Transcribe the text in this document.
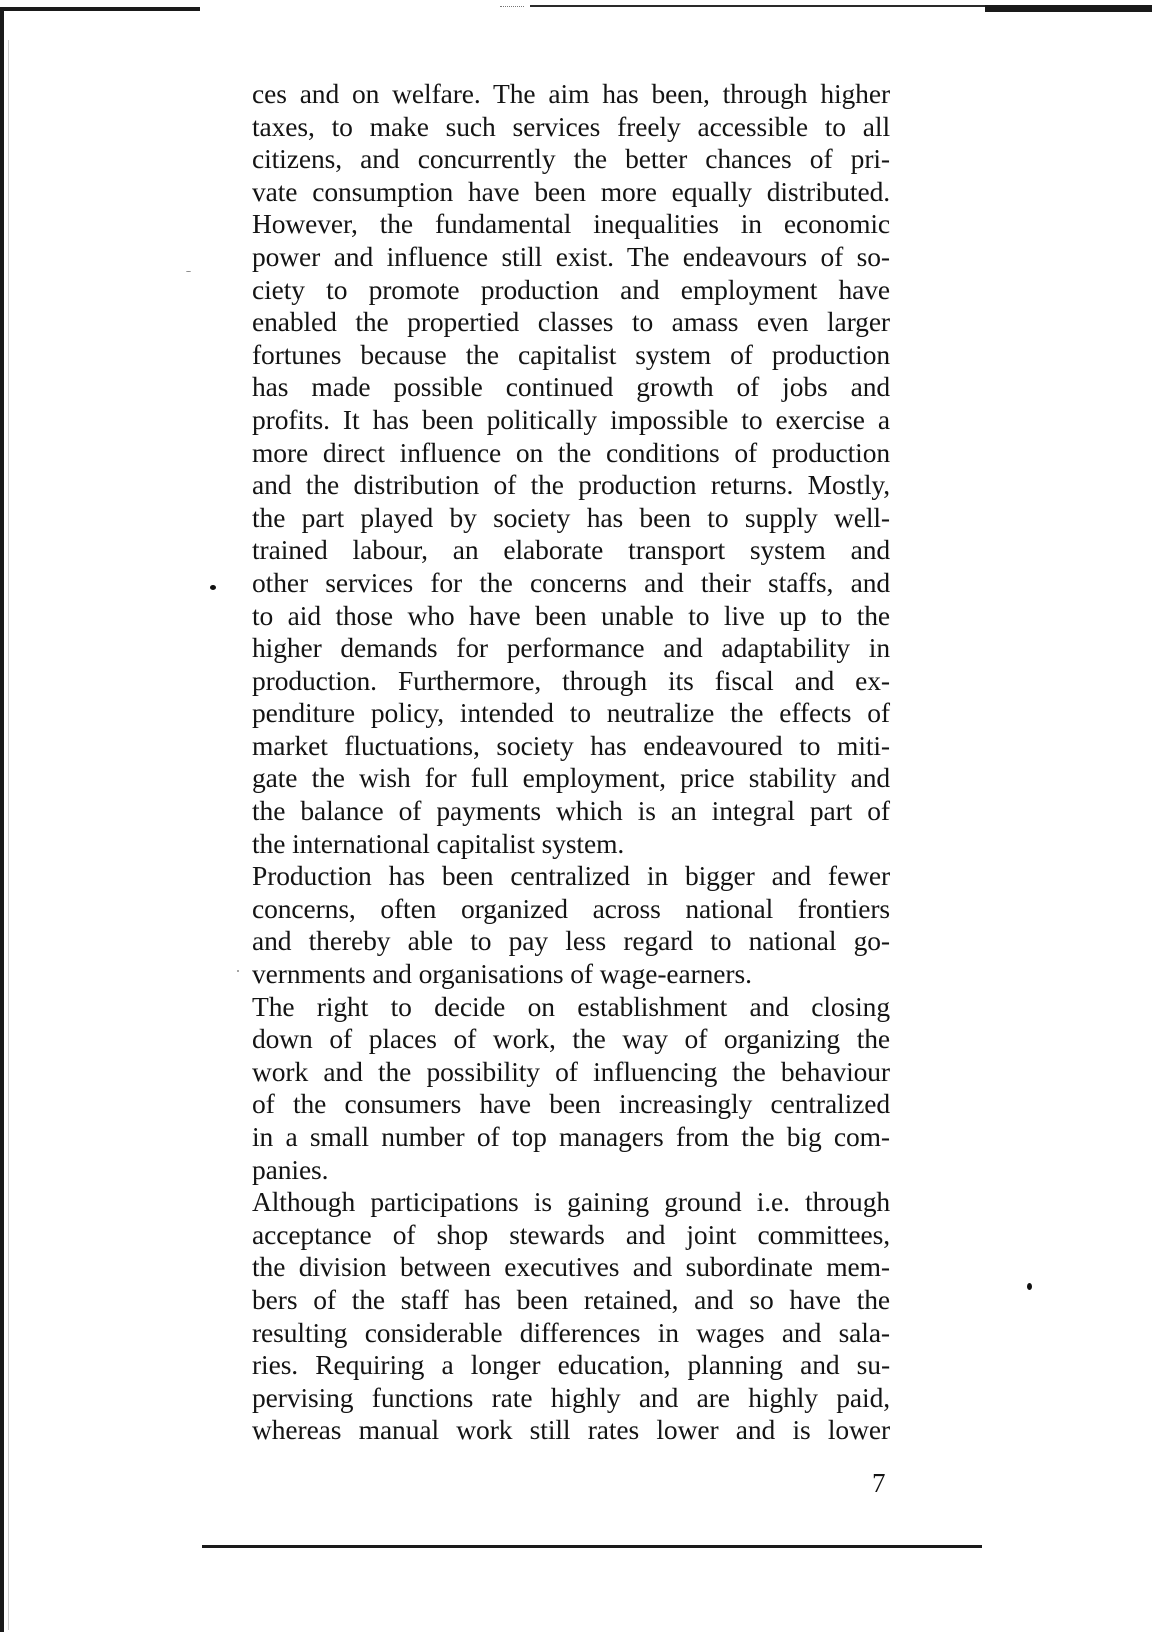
ces and on welfare. The aim has been, through higher
taxes, to make such services freely accessible to all
citizens, and concurrently the better chances of pri-
vate consumption have been more equally distributed.
However, the fundamental inequalities in economic
power and influence still exist. The endeavours of so-
ciety to promote production and employment have
enabled the propertied classes to amass even larger
fortunes because the capitalist system of production
has made possible continued growth of jobs and
profits. It has been politically impossible to exercise a
more direct influence on the conditions of production
and the distribution of the production returns. Mostly,
the part played by society has been to supply well-
trained labour, an elaborate transport system and
other services for the concerns and their staffs, and
to aid those who have been unable to live up to the
higher demands for performance and adaptability in
production. Furthermore, through its fiscal and ex-
penditure policy, intended to neutralize the effects of
market fluctuations, society has endeavoured to miti-
gate the wish for full employment, price stability and
the balance of payments which is an integral part of
the international capitalist system.
Production has been centralized in bigger and fewer
concerns, often organized across national frontiers
and thereby able to pay less regard to national go-
vernments and organisations of wage-earners.
The right to decide on establishment and closing
down of places of work, the way of organizing the
work and the possibility of influencing the behaviour
of the consumers have been increasingly centralized
in a small number of top managers from the big com-
panies.
Although participations is gaining ground i.e. through
acceptance of shop stewards and joint committees,
the division between executives and subordinate mem-
bers of the staff has been retained, and so have the
resulting considerable differences in wages and sala-
ries. Requiring a longer education, planning and su-
pervising functions rate highly and are highly paid,
whereas manual work still rates lower and is lower
7
